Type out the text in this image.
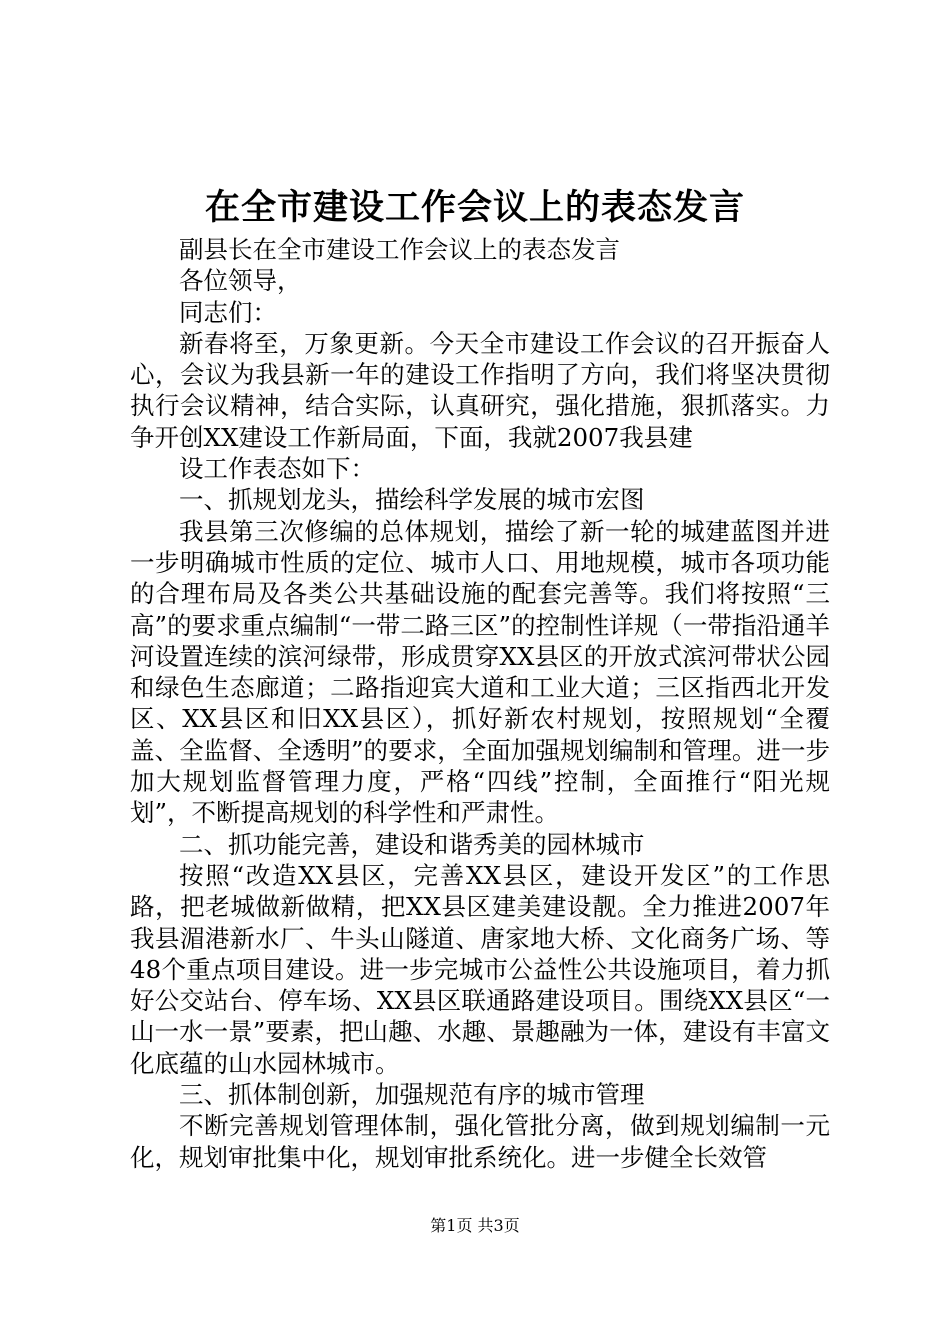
在全市建设工作会议上的表态发言

副县长在全市建设工作会议上的表态发言

各位领导，

同志们：

新春将至，万象更新。今天全市建设工作会议的召开振奋人心，会议为我县新一年的建设工作指明了方向，我们将坚决贯彻执行会议精神，结合实际，认真研究，强化措施，狠抓落实。力争开创XX建设工作新局面，下面，我就2007我县建

设工作表态如下：

一、抓规划龙头，描绘科学发展的城市宏图

我县第三次修编的总体规划，描绘了新一轮的城建蓝图并进一步明确城市性质的定位、城市人口、用地规模，城市各项功能的合理布局及各类公共基础设施的配套完善等。我们将按照“三高”的要求重点编制“一带二路三区”的控制性详规（一带指沿通羊河设置连续的滨河绿带，形成贯穿XX县区的开放式滨河带状公园和绿色生态廊道；二路指迎宾大道和工业大道；三区指西北开发区、XX县区和旧XX县区），抓好新农村规划，按照规划“全覆盖、全监督、全透明”的要求，全面加强规划编制和管理。进一步加大规划监督管理力度，严格“四线”控制，全面推行“阳光规划”，不断提高规划的科学性和严肃性。

二、抓功能完善，建设和谐秀美的园林城市

按照“改造XX县区，完善XX县区，建设开发区”的工作思路，把老城做新做精，把XX县区建美建设靓。全力推进2007年我县湄港新水厂、牛头山隧道、唐家地大桥、文化商务广场、等48个重点项目建设。进一步完城市公益性公共设施项目，着力抓好公交站台、停车场、XX县区联通路建设项目。围绕XX县区“一山一水一景”要素，把山趣、水趣、景趣融为一体，建设有丰富文化底蕴的山水园林城市。

三、抓体制创新，加强规范有序的城市管理

不断完善规划管理体制，强化管批分离，做到规划编制一元化，规划审批集中化，规划审批系统化。进一步健全长效管

第1页 共3页
